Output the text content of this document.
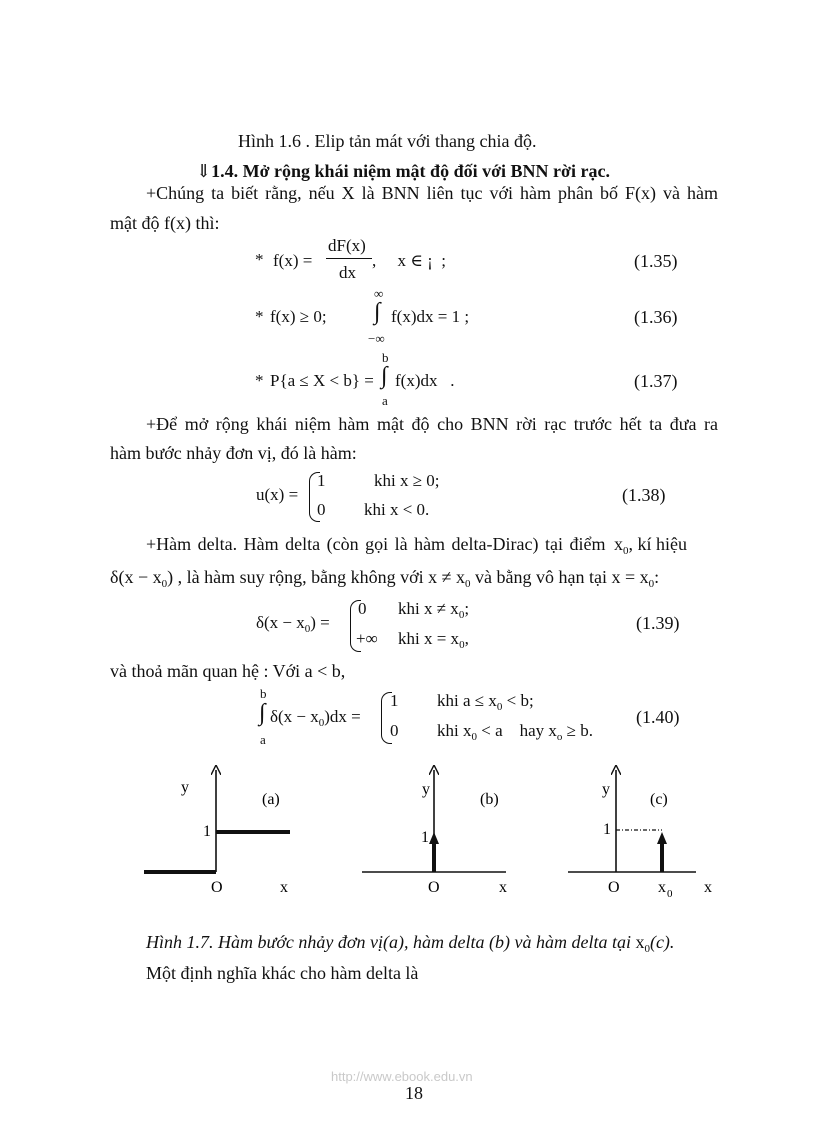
Hình 1.6 . Elip tản mát với thang chia độ.
⇓1.4. Mở rộng khái niệm mật độ đối với BNN rời rạc.
+Chúng ta biết rằng, nếu X là BNN liên tục với hàm phân bố F(x) và hàm
mật độ f(x) thì:
* f(x) =
dF(x)
dx
,     x ∈ ¡  ;	(1.35)
* f(x) ≥ 0;
∞
∫
−∞
f(x)dx = 1 ;	(1.36)
* P{a ≤ X < b} =
b
∫
a
f(x)dx   .	(1.37)
+Để mở rộng khái niệm hàm mật độ cho BNN rời rạc trước hết ta đưa ra
hàm bước nhảy đơn vị, đó là hàm:
u(x) =
1	khi x ≥ 0;
0 khi x < 0.
(1.38)
+Hàm delta. Hàm delta (còn gọi là hàm delta-Dirac) tại điểm $x_0$, kí hiệu
$\delta(x - x_0)$ , là hàm suy rộng, bằng không với $x \ne x_0$ và bằng vô hạn tại $x = x_0$:
$\delta(x - x_0)$ =
0 khi $x \ne x_0$;
+∞ khi $x = x_0$,
(1.39)
và thoả mãn quan hệ : Với a < b,
b
∫
a
$\delta(x - x_0)dx$ =
1 khi $a \le x_0 < b$;
0 khi $x_0 < a$    hay $x_o \ge b$.
(1.40)
y
(a)
1
O	x
y
(b)
1
O	x
y
(c)
1
O x 0 x
Hình 1.7. Hàm bước nhảy đơn vị(a), hàm delta (b) và hàm delta tại $x_0(c)$.
Một định nghĩa khác cho hàm delta là
http://www.ebook.edu.vn
18
